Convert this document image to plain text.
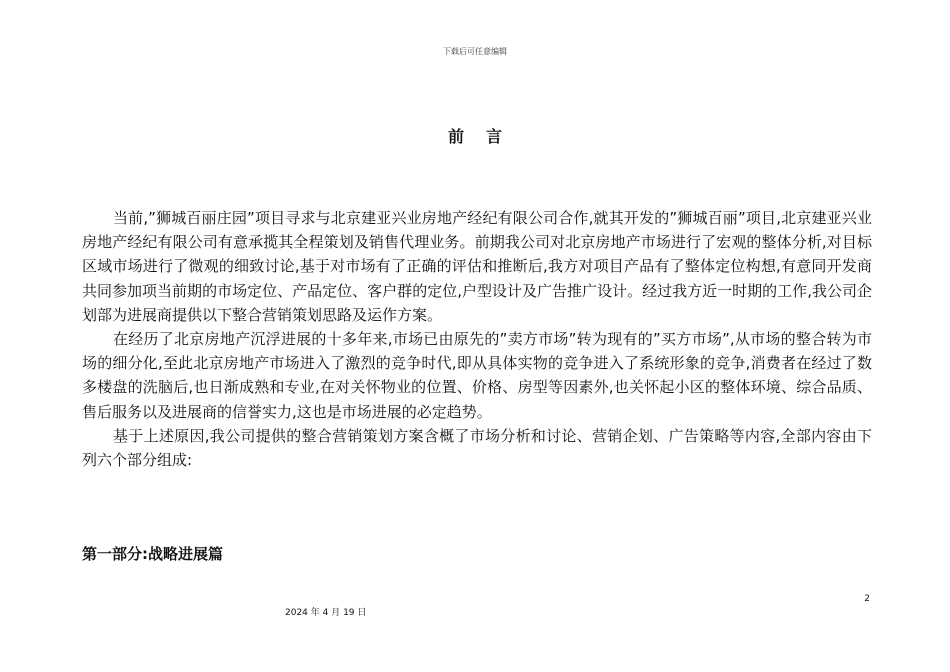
下载后可任意编辑
前言

当前,”狮城百丽庄园”项目寻求与北京建亚兴业房地产经纪有限公司合作,就其开发的”狮城百丽”项目,北京建亚兴业房地产经纪有限公司有意承揽其全程策划及销售代理业务。前期我公司对北京房地产市场进行了宏观的整体分析,对目标区域市场进行了微观的细致讨论,基于对市场有了正确的评估和推断后,我方对项目产品有了整体定位构想,有意同开发商共同参加项当前期的市场定位、产品定位、客户群的定位,户型设计及广告推广设计。经过我方近一时期的工作,我公司企划部为进展商提供以下整合营销策划思路及运作方案。

在经历了北京房地产沉浮进展的十多年来,市场已由原先的”卖方市场”转为现有的”买方市场”,从市场的整合转为市场的细分化,至此北京房地产市场进入了激烈的竞争时代,即从具体实物的竞争进入了系统形象的竞争,消费者在经过了数多楼盘的洗脑后,也日渐成熟和专业,在对关怀物业的位置、价格、房型等因素外,也关怀起小区的整体环境、综合品质、售后服务以及进展商的信誉实力,这也是市场进展的必定趋势。

基于上述原因,我公司提供的整合营销策划方案含概了市场分析和讨论、营销企划、广告策略等内容,全部内容由下列六个部分组成:

第一部分:战略进展篇
2
2024 年 4 月 19 日
